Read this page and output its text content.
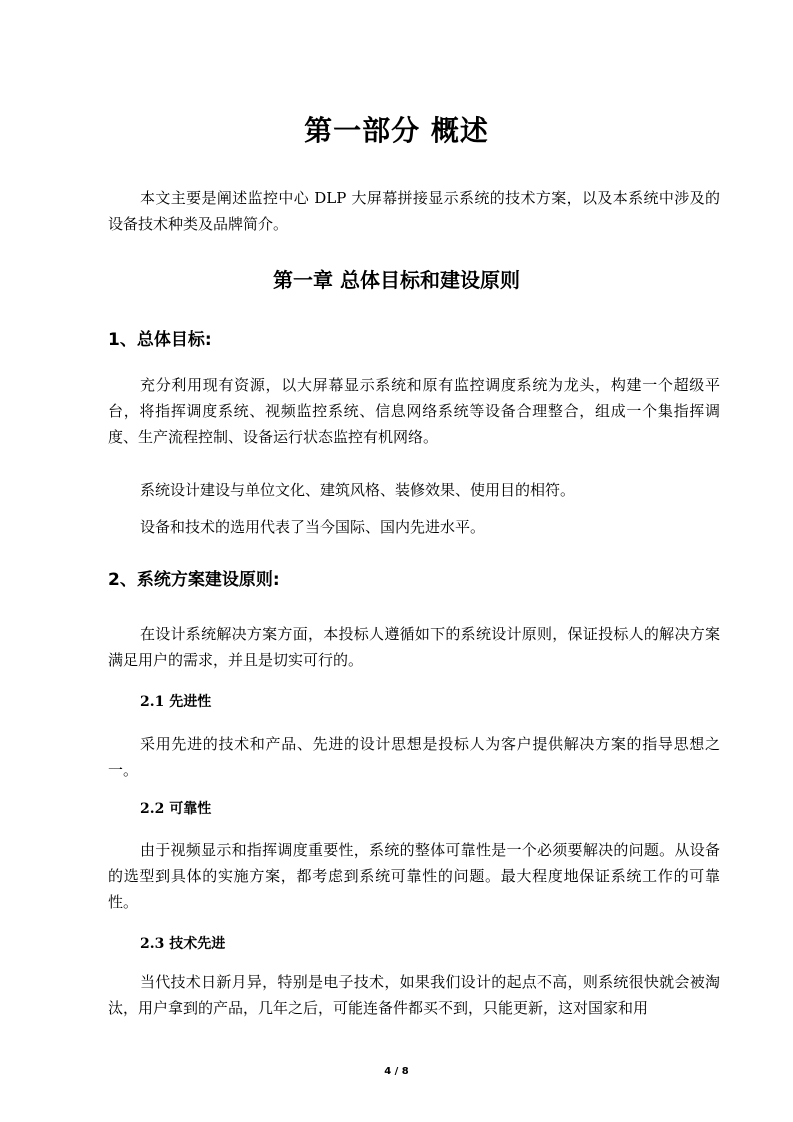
第一部分 概述

本文主要是阐述监控中心 DLP 大屏幕拼接显示系统的技术方案，以及本系统中涉及的设备技术种类及品牌简介。

第一章 总体目标和建设原则
1、总体目标:

充分利用现有资源，以大屏幕显示系统和原有监控调度系统为龙头，构建一个超级平台，将指挥调度系统、视频监控系统、信息网络系统等设备合理整合，组成一个集指挥调度、生产流程控制、设备运行状态监控有机网络。

系统设计建设与单位文化、建筑风格、装修效果、使用目的相符。

设备和技术的选用代表了当今国际、国内先进水平。

2、系统方案建设原则:

在设计系统解决方案方面，本投标人遵循如下的系统设计原则，保证投标人的解决方案满足用户的需求，并且是切实可行的。

2.1 先进性

采用先进的技术和产品、先进的设计思想是投标人为客户提供解决方案的指导思想之一。

2.2 可靠性

由于视频显示和指挥调度重要性，系统的整体可靠性是一个必须要解决的问题。从设备的选型到具体的实施方案，都考虑到系统可靠性的问题。最大程度地保证系统工作的可靠性。

2.3 技术先进

当代技术日新月异，特别是电子技术，如果我们设计的起点不高，则系统很快就会被淘汰，用户拿到的产品，几年之后，可能连备件都买不到，只能更新，这对国家和用

4 / 8
